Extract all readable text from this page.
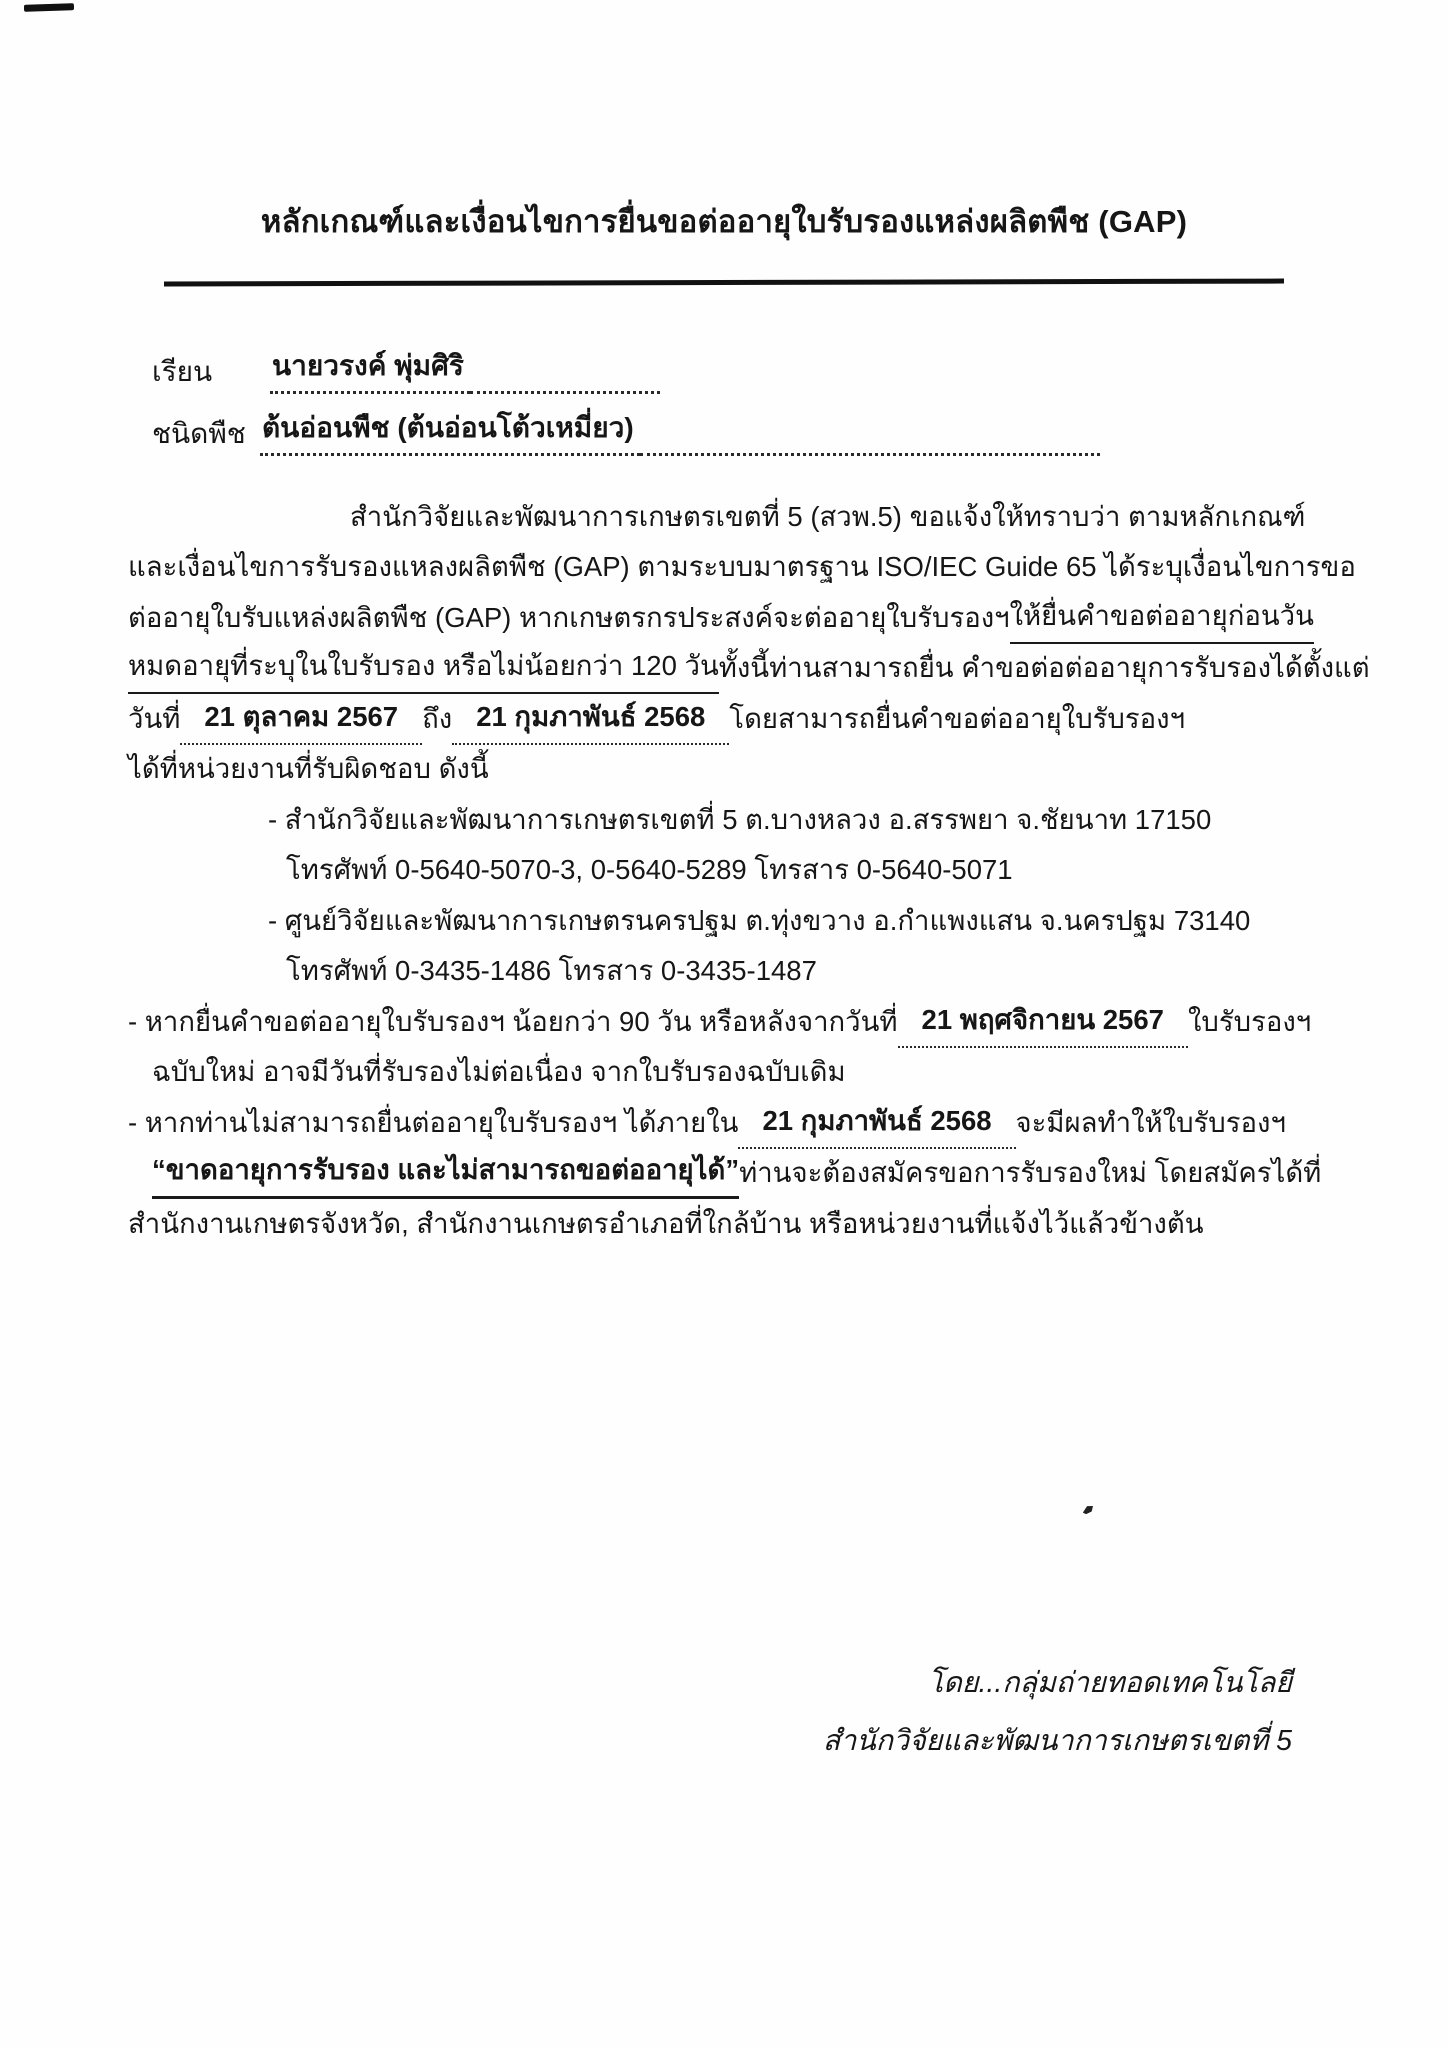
หลักเกณฑ์และเงื่อนไขการยื่นขอต่ออายุใบรับรองแหล่งผลิตพืช (GAP)
เรียน	นายวรงค์ พุ่มศิริ
ชนิดพืช ต้นอ่อนพืช (ต้นอ่อนโต้วเหมี่ยว)
สำนักวิจัยและพัฒนาการเกษตรเขตที่ 5 (สวพ.5) ขอแจ้งให้ทราบว่า ตามหลักเกณฑ์
และเงื่อนไขการรับรองแหลงผลิตพืช (GAP) ตามระบบมาตรฐาน ISO/IEC Guide 65 ได้ระบุเงื่อนไขการขอ
ต่ออายุใบรับแหล่งผลิตพืช (GAP) หากเกษตรกรประสงค์จะต่ออายุใบรับรองฯ ให้ยื่นคำขอต่ออายุก่อนวัน
หมดอายุที่ระบุในใบรับรอง หรือไม่น้อยกว่า 120 วัน ทั้งนี้ท่านสามารถยื่น คำขอต่อต่ออายุการรับรองได้ตั้งแต่
วันที่ 21 ตุลาคม 2567 ถึง 21 กุมภาพันธ์ 2568 โดยสามารถยื่นคำขอต่ออายุใบรับรองฯ
ได้ที่หน่วยงานที่รับผิดชอบ ดังนี้
- สำนักวิจัยและพัฒนาการเกษตรเขตที่ 5 ต.บางหลวง อ.สรรพยา จ.ชัยนาท 17150
โทรศัพท์ 0-5640-5070-3, 0-5640-5289 โทรสาร 0-5640-5071
- ศูนย์วิจัยและพัฒนาการเกษตรนครปฐม ต.ทุ่งขวาง อ.กำแพงแสน จ.นครปฐม 73140
โทรศัพท์ 0-3435-1486 โทรสาร 0-3435-1487
- หากยื่นคำขอต่ออายุใบรับรองฯ น้อยกว่า 90 วัน หรือหลังจากวันที่ 21 พฤศจิกายน 2567 ใบรับรองฯ
ฉบับใหม่ อาจมีวันที่รับรองไม่ต่อเนื่อง จากใบรับรองฉบับเดิม
- หากท่านไม่สามารถยื่นต่ออายุใบรับรองฯ ได้ภายใน 21 กุมภาพันธ์ 2568 จะมีผลทำให้ใบรับรองฯ
“ขาดอายุการรับรอง และไม่สามารถขอต่ออายุได้” ท่านจะต้องสมัครขอการรับรองใหม่ โดยสมัครได้ที่
สำนักงานเกษตรจังหวัด, สำนักงานเกษตรอำเภอที่ใกล้บ้าน หรือหน่วยงานที่แจ้งไว้แล้วข้างต้น
โดย...กลุ่มถ่ายทอดเทคโนโลยี
สำนักวิจัยและพัฒนาการเกษตรเขตที่ 5
